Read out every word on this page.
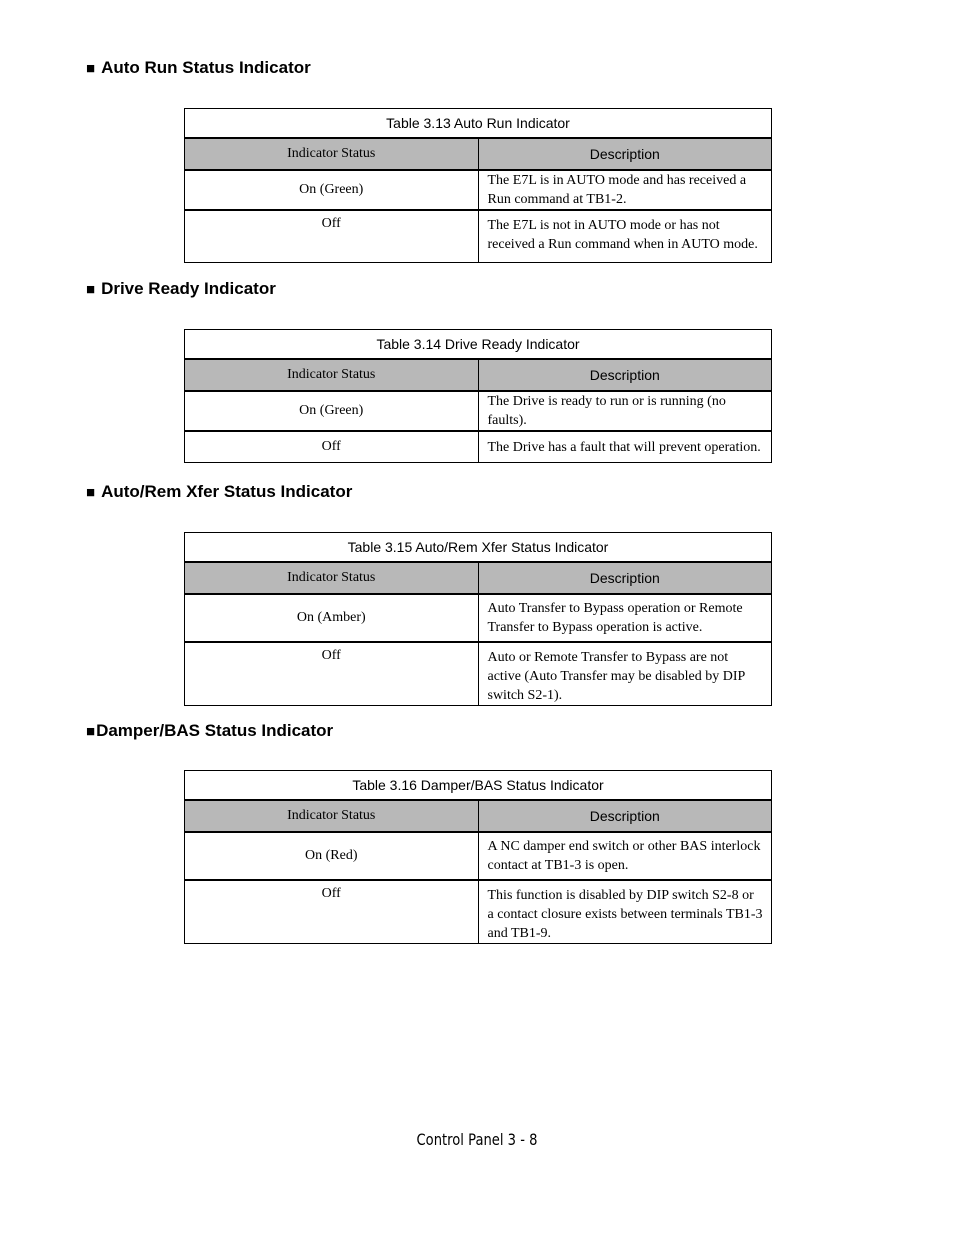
■ Auto Run Status Indicator
Table 3.13 Auto Run Indicator	
Indicator Status	Description
On (Green)	The E7L is in AUTO mode and has received a Run command at TB1-2.
Off	The E7L is not in AUTO mode or has not received a Run command when in AUTO mode.
■ Drive Ready Indicator
Table 3.14 Drive Ready Indicator	
Indicator Status	Description
On (Green)	The Drive is ready to run or is running (no faults).
Off	The Drive has a fault that will prevent operation.
■ Auto/Rem Xfer Status Indicator
Table 3.15 Auto/Rem Xfer Status Indicator	
Indicator Status	Description
On (Amber)	Auto Transfer to Bypass operation or Remote Transfer to Bypass operation is active.
Off	Auto or Remote Transfer to Bypass are not active (Auto Transfer may be disabled by DIP switch S2-1).
■Damper/BAS Status Indicator
Table 3.16 Damper/BAS Status Indicator	
Indicator Status	Description
On (Red)	A NC damper end switch or other BAS interlock contact at TB1-3 is open.
Off	This function is disabled by DIP switch S2-8 or a contact closure exists between terminals TB1-3 and TB1-9.
Control Panel 3 - 8
